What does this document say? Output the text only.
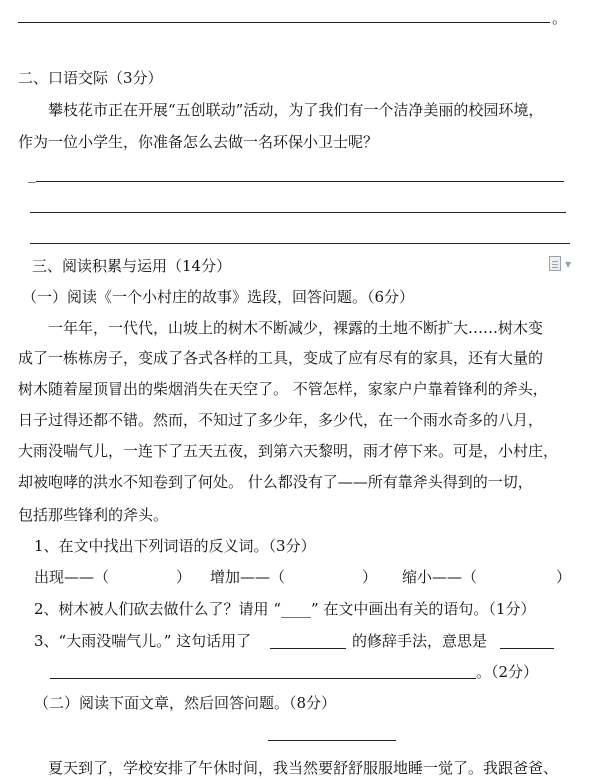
。
二、口语交际（3分）
攀枝花市正在开展“五创联动”活动，为了我们有一个洁净美丽的校园环境，
作为一位小学生，你准备怎么去做一名环保小卫士呢？
_
三、阅读积累与运用（14分）	▼
（一）阅读《一个小村庄的故事》选段，回答问题。（6分）
一年年，一代代，山坡上的树木不断减少，裸露的土地不断扩大……树木变
成了一栋栋房子，变成了各式各样的工具，变成了应有尽有的家具，还有大量的
树木随着屋顶冒出的柴烟消失在天空了。 不管怎样，家家户户靠着锋利的斧头，
日子过得还都不错。然而，不知过了多少年，多少代，在一个雨水奇多的八月，
大雨没喘气儿，一连下了五天五夜，到第六天黎明，雨才停下来。可是，小村庄，
却被咆哮的洪水不知卷到了何处。 什么都没有了——所有靠斧头得到的一切，
包括那些锋利的斧头。
1、在文中找出下列词语的反义词。（3分）
出现——（	） 增加——（	） 缩小——（	）
2、树木被人们砍去做什么了？请用 “____” 在文中画出有关的语句。（1分）
3、“大雨没喘气儿。” 这句话用了	的修辞手法，意思是
。（2分）
（二）阅读下面文章，然后回答问题。（8分）
夏天到了，学校安排了午休时间，我当然要舒舒服服地睡一觉了。我跟爸爸、
